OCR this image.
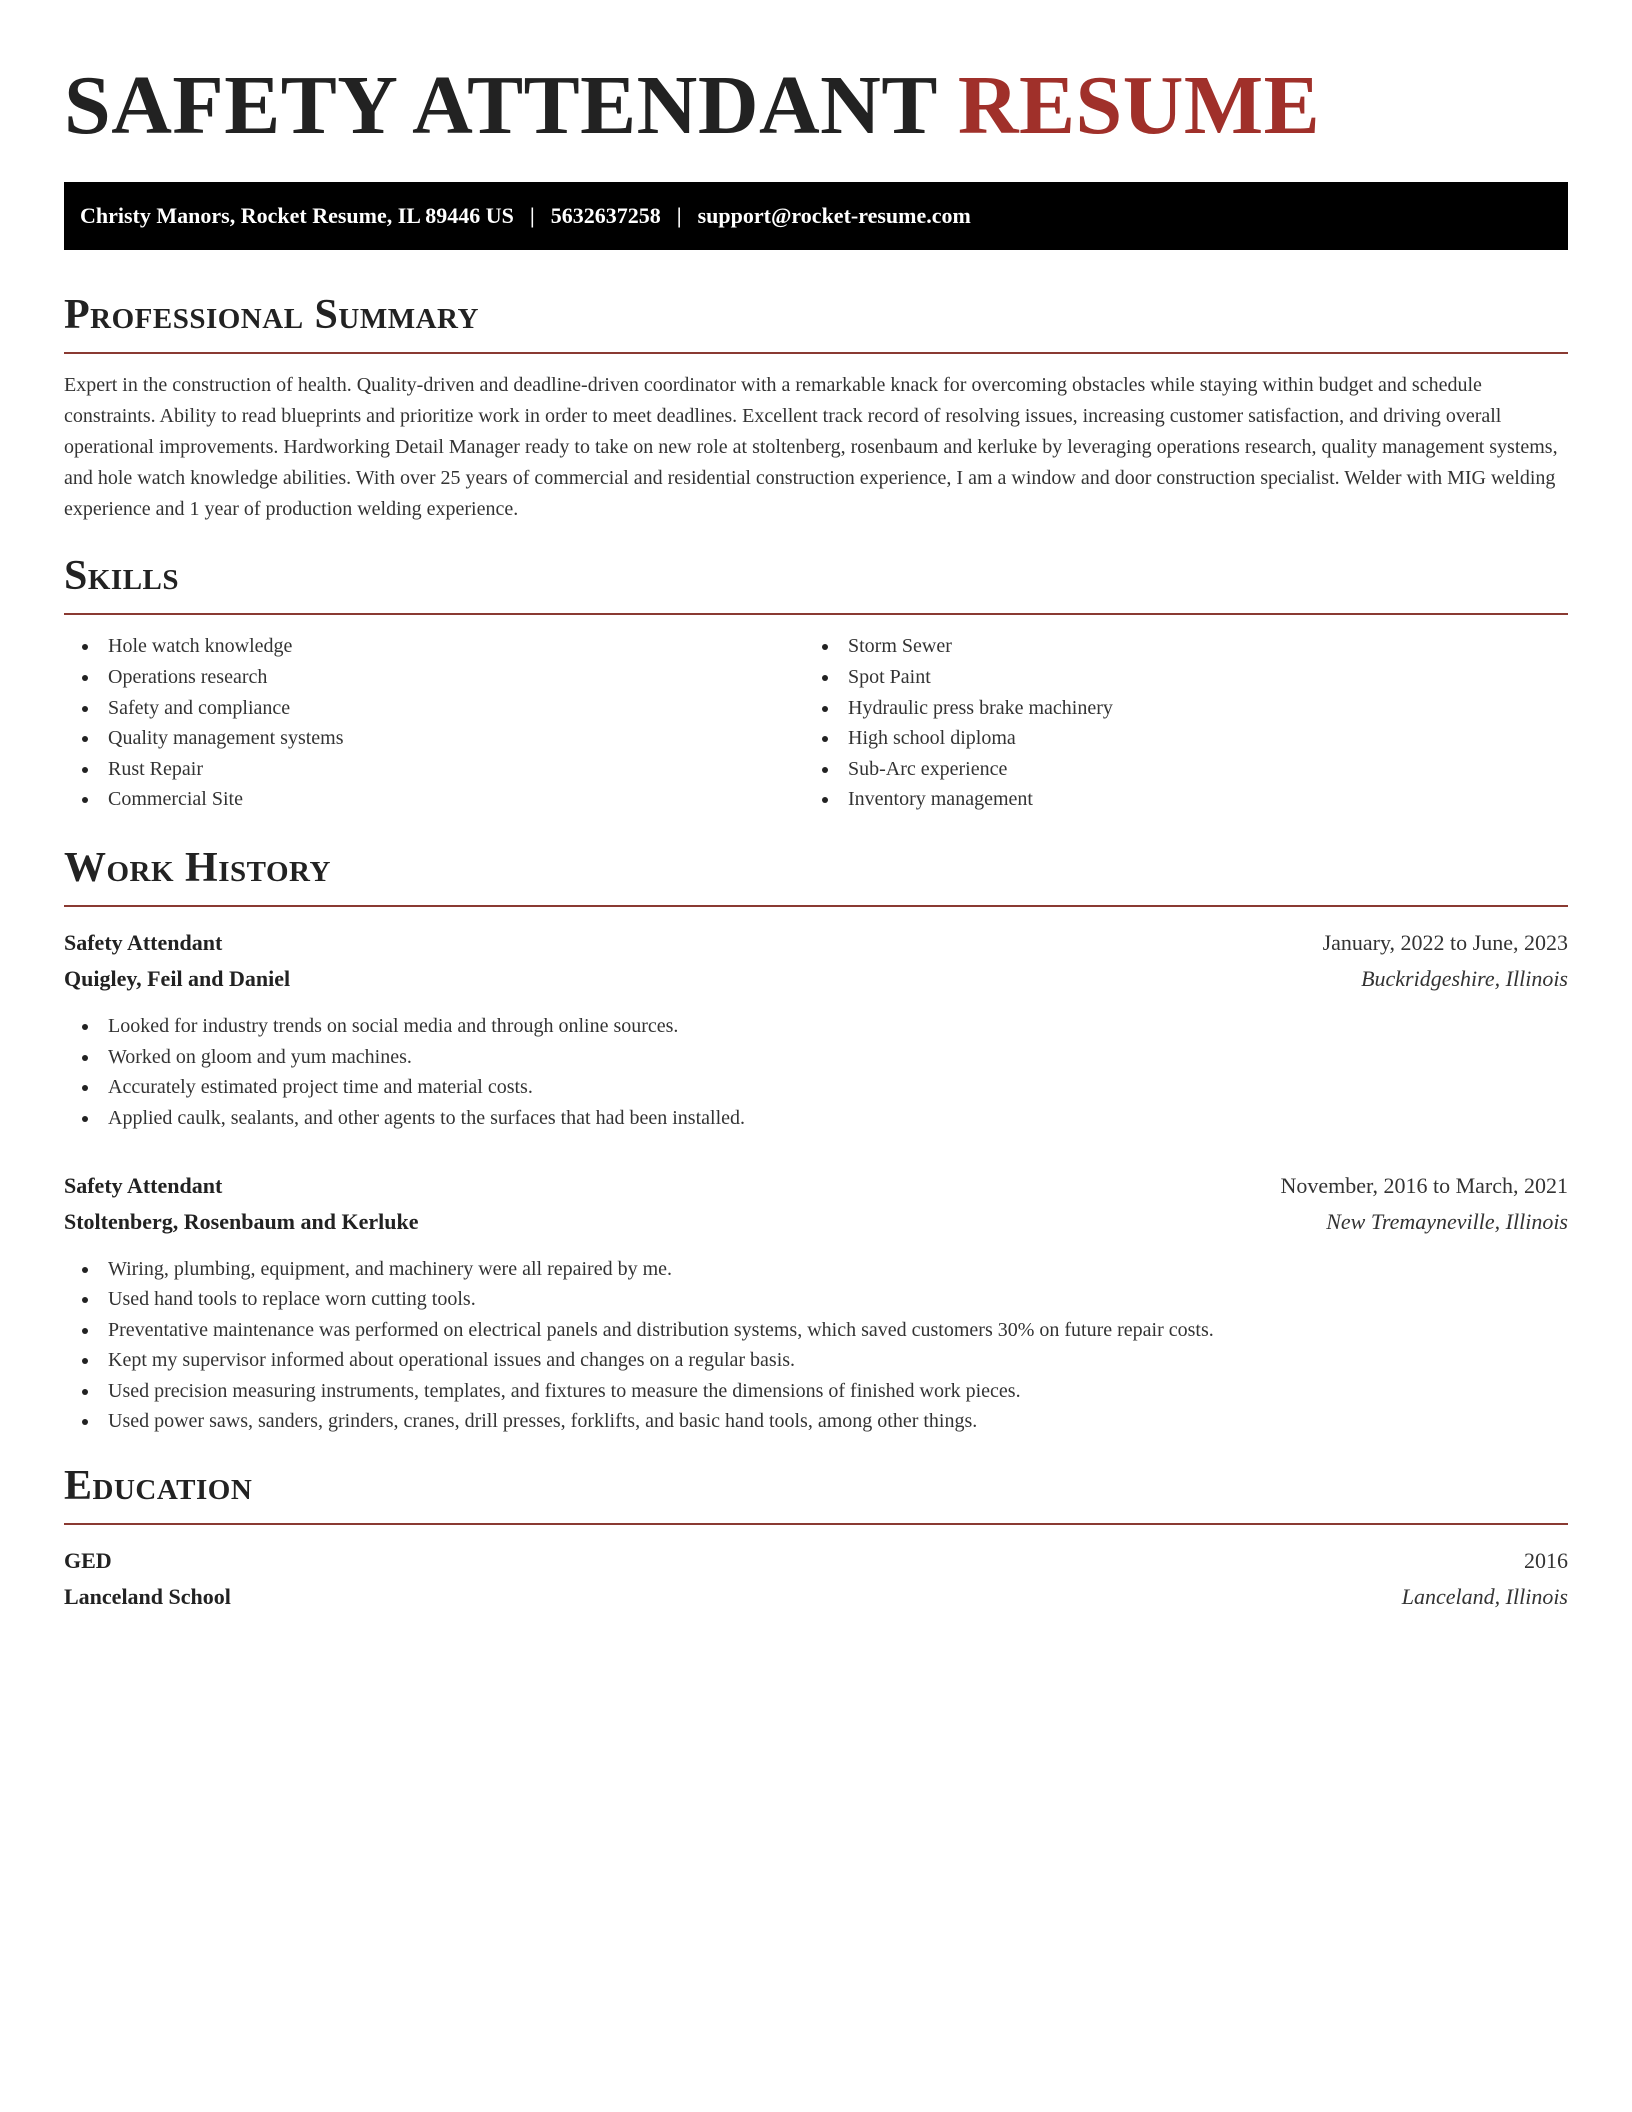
SAFETY ATTENDANT RESUME
Christy Manors, Rocket Resume, IL 89446 US | 5632637258 | support@rocket-resume.com
Professional Summary

Expert in the construction of health. Quality-driven and deadline-driven coordinator with a remarkable knack for overcoming obstacles while staying within budget and schedule constraints. Ability to read blueprints and prioritize work in order to meet deadlines. Excellent track record of resolving issues, increasing customer satisfaction, and driving overall operational improvements. Hardworking Detail Manager ready to take on new role at stoltenberg, rosenbaum and kerluke by leveraging operations research, quality management systems, and hole watch knowledge abilities. With over 25 years of commercial and residential construction experience, I am a window and door construction specialist. Welder with MIG welding experience and 1 year of production welding experience.

Skills
Hole watch knowledge
Operations research
Safety and compliance
Quality management systems
Rust Repair
Commercial Site
Storm Sewer
Spot Paint
Hydraulic press brake machinery
High school diploma
Sub-Arc experience
Inventory management
Work History
Safety Attendant	January, 2022 to June, 2023
Quigley, Feil and Daniel	Buckridgeshire, Illinois
Looked for industry trends on social media and through online sources.
Worked on gloom and yum machines.
Accurately estimated project time and material costs.
Applied caulk, sealants, and other agents to the surfaces that had been installed.
Safety Attendant	November, 2016 to March, 2021
Stoltenberg, Rosenbaum and Kerluke	New Tremayneville, Illinois
Wiring, plumbing, equipment, and machinery were all repaired by me.
Used hand tools to replace worn cutting tools.
Preventative maintenance was performed on electrical panels and distribution systems, which saved customers 30% on future repair costs.
Kept my supervisor informed about operational issues and changes on a regular basis.
Used precision measuring instruments, templates, and fixtures to measure the dimensions of finished work pieces.
Used power saws, sanders, grinders, cranes, drill presses, forklifts, and basic hand tools, among other things.
Education
GED	2016
Lanceland School	Lanceland, Illinois
